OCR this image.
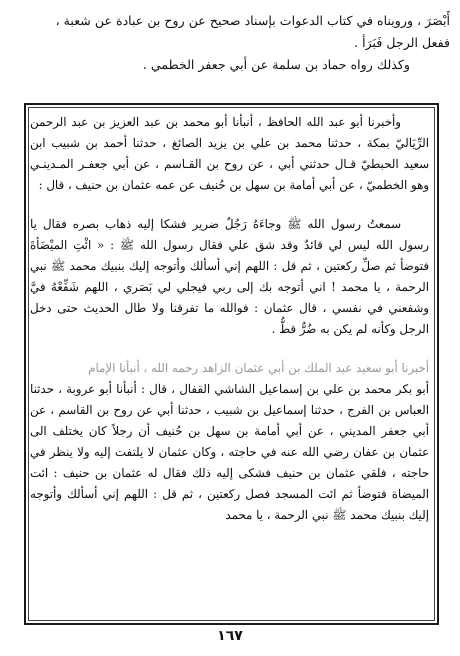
أَبْصَرَ ، ورويناه في كتاب الدعوات بإسناد صحيح عن روح بن عبادة عن شعبة ،

ففعل الرجل فَبَرَأ .

وكذلك رواه حماد بن سلمة عن أبي جعفر الخطمي .

وأخبرنا أبو عبد الله الحافظ ، أنبأنا أبو محمد بن عبد العزيز بن عبد الرحمن الرِّيَاليّ بمكة ، حدثنا محمد بن علي بن يزيد الصائغ ، حدثنا أحمد بن شبيب ابن سعيد الحبطيّ قـال حدثني أبي ، عن روح بن القـاسم ، عن أبي جعفـر المـدينـي وهو الخطميّ ، عن أبي أمامة بن سهل بن حُنيف عن عمه عثمان بن حنيف ، قال :

سمعتُ رسول الله ﷺ وجاءَهُ رَجُلٌ ضرير فشكا إليه ذهاب بصره فقال يا رسول الله ليس لي قائدٌ وقد شق علي فقال رسول الله ﷺ : « ائْتِ الميْضَأةَ فتوضأ ثم صلِّ ركعتين ، ثم قل : اللهم إني أسألك وأتوجه إليك بنبيك محمد ﷺ نبي الرحمة ، يا محمد ! اني أتوجه بك إلى ربي فيجلي لي بَصَري ، اللهم شَفِّعْهُ فيَّ وشفعني في نفسي ، قال عثمان : فوالله ما تفرقنا ولا طال الحديث حتى دخل الرجل وكأنه لم يكن به ضُرٌّ قطُّ .

أخبرنا أبو سعيد عبد الملك بن أبي عثمان الزاهد رحمه الله ، أنبأنا الإمام

أبو بكر محمد بن علي بن إسماعيل الشاشي القفال ، قال : أنبأنا أبو عروبة ، حدثنا العباس بن الفرج ، حدثنا إسماعيل بن شبيب ، حدثنا أبي عن روح بن القاسم ، عن أبي جعفر المديني ، عن أبي أمامة بن سهل بن حُنيف أن رجلاً كان يختلف الى عثمان بن عفان رضي الله عنه في حاجته ، وكان عثمان لا يلتفت إليه ولا ينظر في حاجته ، فلقي عثمان بن حنيف فشكى إليه ذلك فقال له عثمان بن حنيف : ائت الميضاة فتوضأ ثم ائت المسجد فصل ركعتين ، ثم قل : اللهم إني أسألك وأتوجه إليك بنبيك محمد ﷺ نبي الرحمة ، يا محمد

١٦٧
